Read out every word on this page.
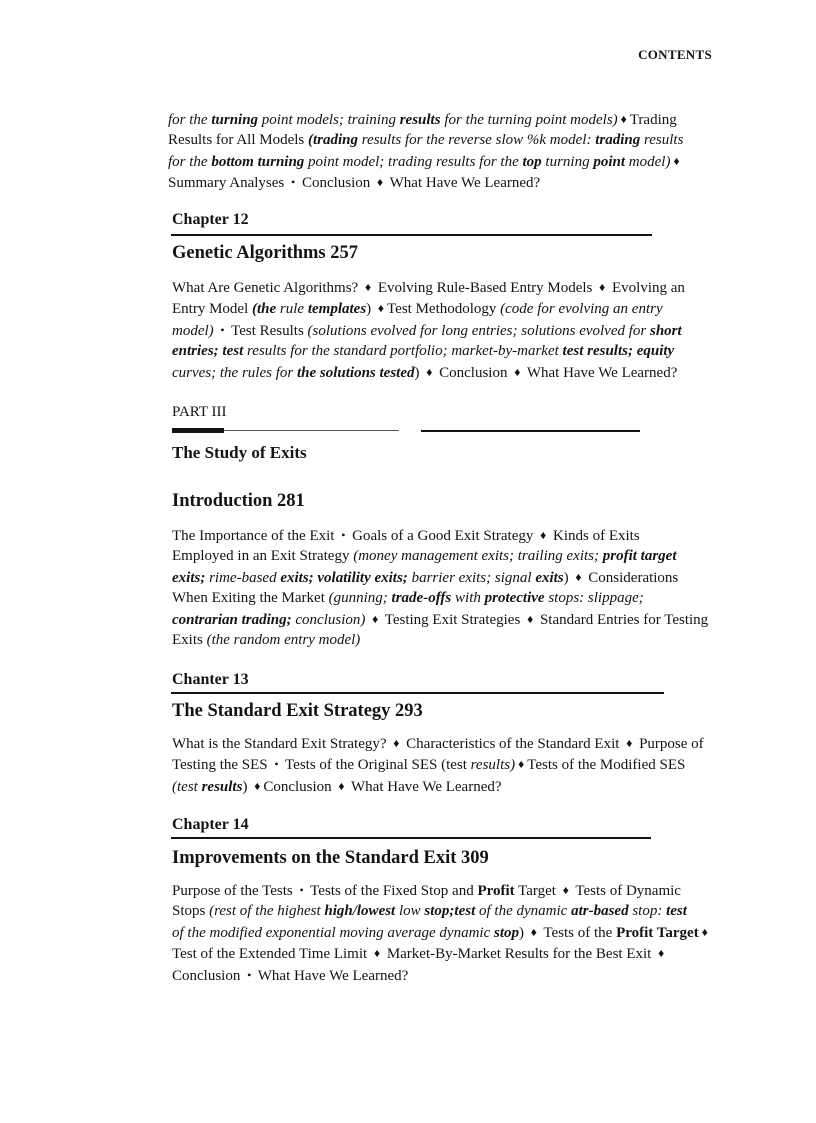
CONTENTS
for the turning point models; training results for the turning point models) ♦ Trading
Results for All Models (trading results for the reverse slow %k model: trading results
for the bottom turning point model; trading results for the top turning point model) ♦
Summary Analyses • Conclusion ♦ What Have We Learned?
Chapter 12
Genetic Algorithms 257
What Are Genetic Algorithms? ♦ Evolving Rule-Based Entry Models ♦ Evolving an
Entry Model (the rule templates) ♦ Test Methodology (code for evolving an entry
model) • Test Results (solutions evolved for long entries; solutions evolved for short
entries; test results for the standard portfolio; market-by-market test results; equity
curves; the rules for the solutions tested) ♦ Conclusion ♦ What Have We Learned?
PART III
The Study of Exits
Introduction 281
The Importance of the Exit • Goals of a Good Exit Strategy ♦ Kinds of Exits
Employed in an Exit Strategy (money management exits; trailing exits; profit target
exits; rime-based exits; volatility exits; barrier exits; signal exits) ♦ Considerations
When Exiting the Market (gunning; trade-offs with protective stops: slippage;
contrarian trading; conclusion) ♦ Testing Exit Strategies ♦ Standard Entries for Testing
Exits (the random entry model)
Chanter 13
The Standard Exit Strategy 293
What is the Standard Exit Strategy? ♦ Characteristics of the Standard Exit ♦ Purpose of
Testing the SES • Tests of the Original SES (test results) ♦ Tests of the Modified SES
(test results) ♦ Conclusion ♦ What Have We Learned?
Chapter 14
Improvements on the Standard Exit 309
Purpose of the Tests • Tests of the Fixed Stop and Profit Target ♦ Tests of Dynamic
Stops (rest of the highest high/lowest low stop;test of the dynamic atr-based stop: test
of the modified exponential moving average dynamic stop) ♦ Tests of the Profit Target ♦
Test of the Extended Time Limit ♦ Market-By-Market Results for the Best Exit ♦
Conclusion • What Have We Learned?
